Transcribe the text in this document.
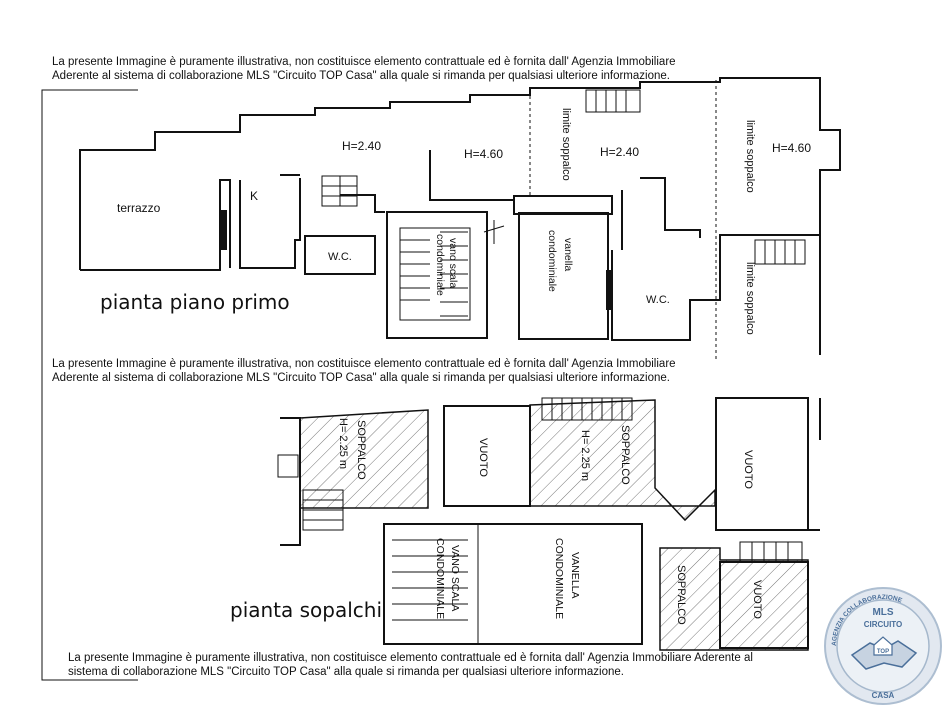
terrazzo
K
W.C.
W.C.
H=2.40
H=4.60	H=2.40	H=4.60
limite soppalco	limite soppalco
limite soppalco
vano scala
condominiale	vanella
condominiale
SOPPALCO
H= 2.25 m	VUOTO	SOPPALCO
H= 2.25 m	VUOTO
VANO SCALA
CONDOMINIALE	VANELLA
CONDOMINIALE	SOPPALCO	VUOTO
La presente Immagine è puramente illustrativa, non costituisce elemento contrattuale ed è fornita dall' Agenzia Immobiliare
Aderente al sistema di collaborazione MLS "Circuito TOP Casa" alla quale si rimanda per qualsiasi ulteriore informazione.
La presente Immagine è puramente illustrativa, non costituisce elemento contrattuale ed è fornita dall' Agenzia Immobiliare
Aderente al sistema di collaborazione MLS "Circuito TOP Casa" alla quale si rimanda per qualsiasi ulteriore informazione.
La presente Immagine è puramente illustrativa, non costituisce elemento contrattuale ed è fornita dall' Agenzia Immobiliare Aderente al
sistema di collaborazione MLS "Circuito TOP Casa" alla quale si rimanda per qualsiasi ulteriore informazione.
pianta piano primo
pianta sopalchi
AGENZIA COLLABORAZIONE
MLS
CIRCUITO
TOP
CASA
